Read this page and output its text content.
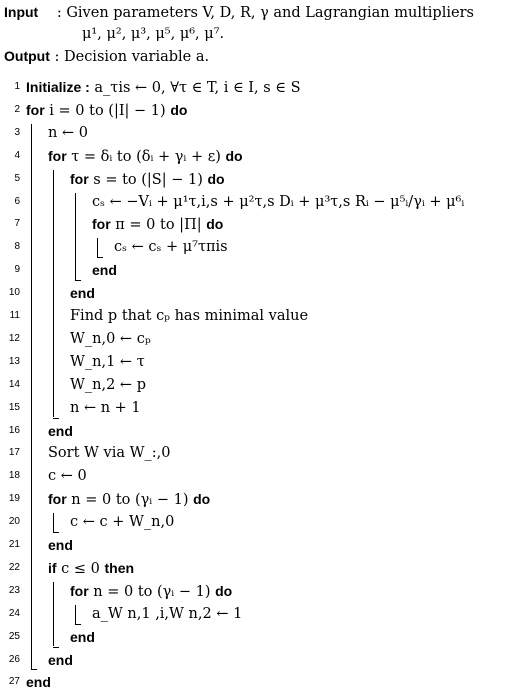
Input : Given parameters V, D, R, γ and Lagrangian multipliers
μ¹, μ², μ³, μ⁵, μ⁶, μ⁷.
Output : Decision variable a.
1 Initialize : a_τis ← 0, ∀τ ∈ T, i ∈ I, s ∈ S
2 for i = 0 to (|I| − 1) do
3 n ← 0
4 for τ = δᵢ to (δᵢ + γᵢ + ε) do
5	for s = to (|S| − 1) do
6	cₛ ← −Vᵢ + μ¹τ,i,s + μ²τ,s Dᵢ + μ³τ,s Rᵢ − μ⁵ᵢ/γᵢ + μ⁶ᵢ
7	for π = 0 to |Π| do
8	cₛ ← cₛ + μ⁷τπis
9	end
10	end
11	Find p that cₚ has minimal value
12	W_n,0 ← cₚ
13	W_n,1 ← τ
14	W_n,2 ← p
15	n ← n + 1
16 end
17 Sort W via W_:,0
18 c ← 0
19 for n = 0 to (γᵢ − 1) do
20	c ← c + W_n,0
21 end
22 if c ≤ 0 then
23	for n = 0 to (γᵢ − 1) do
24	a_W n,1 ,i,W n,2 ← 1
25	end
26 end
27 end
